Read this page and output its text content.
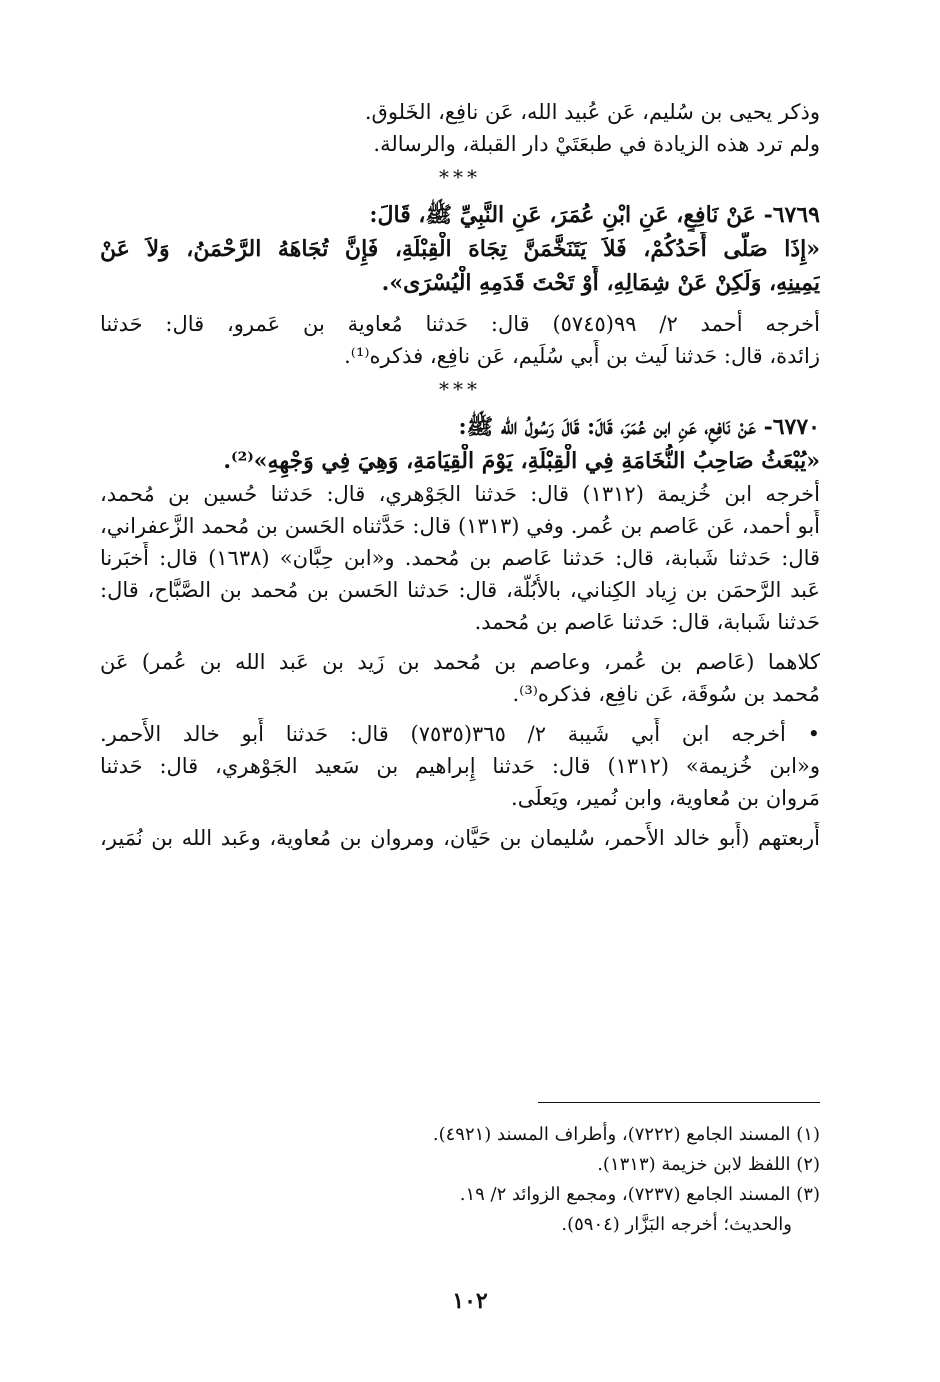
وذكر يحيى بن سُليم، عَن عُبيد الله، عَن نافِع، الخَلوق.

ولم ترد هذه الزيادة في طبعَتَيْ دار القبلة، والرسالة.

***

٦٧٦٩- عَنْ نَافِعٍ، عَنِ ابْنِ عُمَرَ، عَنِ النَّبِيِّ ﷺ، قَالَ:

«إِذَا صَلَّى أَحَدُكُمْ، فَلاَ يَتَنَخَّمَنَّ تِجَاهَ الْقِبْلَةِ، فَإِنَّ تُجَاهَهُ الرَّحْمَنُ، وَلاَ عَنْ

يَمِينِهِ، وَلَكِنْ عَنْ شِمَالِهِ، أَوْ تَحْتَ قَدَمِهِ الْيُسْرَى».

أخرجه أحمد ٢/ ٩٩(٥٧٤٥) قال: حَدثنا مُعاوية بن عَمرو، قال: حَدثنا

زائدة، قال: حَدثنا لَيث بن أَبي سُلَيم، عَن نافِع، فذكره⁽¹⁾.

***

٦٧٧٠- عَنْ نَافِعٍ، عَنِ ابن عُمَرَ، قَالَ: قَالَ رَسُولُ الله ﷺ:

«يُبْعَثُ صَاحِبُ النُّخَامَةِ فِي الْقِبْلَةِ، يَوْمَ الْقِيَامَةِ، وَهِيَ فِي وَجْهِهِ»⁽²⁾.

أخرجه ابن خُزيمة (١٣١٢) قال: حَدثنا الجَوْهري، قال: حَدثنا حُسين بن مُحمد،

أَبو أحمد، عَن عَاصم بن عُمر. وفي (١٣١٣) قال: حَدَّثناه الحَسن بن مُحمد الزَّعفراني،

قال: حَدثنا شَبابة، قال: حَدثنا عَاصم بن مُحمد. و«ابن حِبَّان» (١٦٣٨) قال: أَخبَرنا

عَبد الرَّحمَن بن زِياد الكِناني، بالأُبُلَّة، قال: حَدثنا الحَسن بن مُحمد بن الصَّبَّاح، قال:

حَدثنا شَبابة، قال: حَدثنا عَاصم بن مُحمد.

كلاهما (عَاصم بن عُمر، وعاصم بن مُحمد بن زَيد بن عَبد الله بن عُمر) عَن

مُحمد بن سُوقَة، عَن نافِع، فذكره⁽³⁾.

• أخرجه ابن أَبي شَيبة ٢/ ٣٦٥(٧٥٣٥) قال: حَدثنا أَبو خالد الأَحمر.

و«ابن خُزيمة» (١٣١٢) قال: حَدثنا إِبراهيم بن سَعيد الجَوْهري، قال: حَدثنا

مَروان بن مُعاوية، وابن نُمير، ويَعلَى.

أَربعتهم (أَبو خالد الأَحمر، سُليمان بن حَيَّان، ومروان بن مُعاوية، وعَبد الله بن نُمَير،

(١) المسند الجامع (٧٢٢٢)، وأطراف المسند (٤٩٢١).

(٢) اللفظ لابن خزيمة (١٣١٣).

(٣) المسند الجامع (٧٢٣٧)، ومجمع الزوائد ٢/ ١٩.

والحديث؛ أخرجه البَزَّار (٥٩٠٤).

١٠٢
